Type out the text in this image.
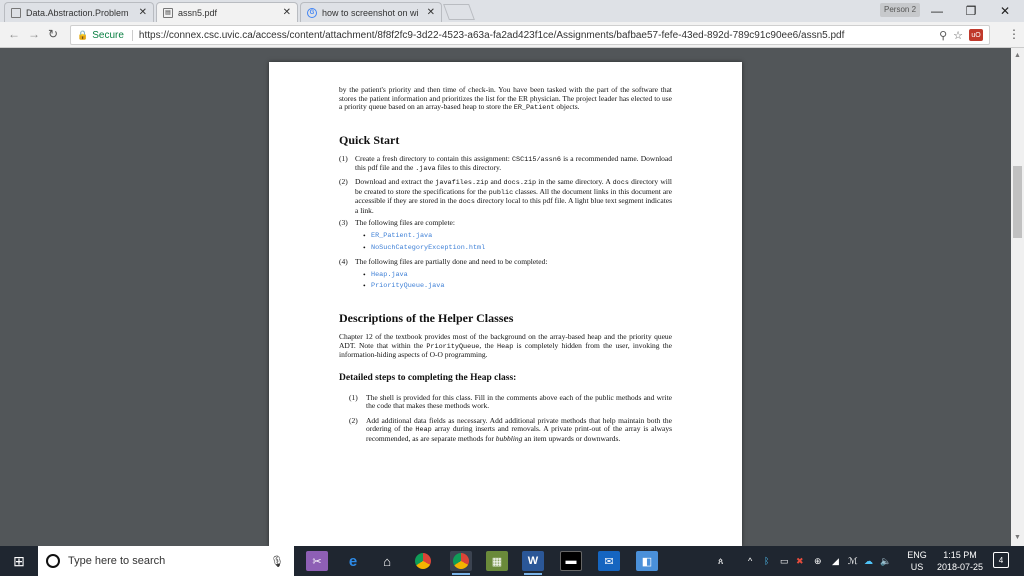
Data.Abstraction.Problem	✕	▤ assn5.pdf	✕	G how to screenshot on wi ✕	Person 2	—	❐	✕
← → ↻ 🔒 Secure	https://connex.csc.uvic.ca/access/content/attachment/8f8f2fc9-3d22-4523-a63a-fa2ad423f1ce/Assignments/bafbae57-fefe-43ed-892d-789c91c90ee6/assn5.pdf	⚲ ☆	uO ⋮

by the patient's priority and then time of check-in. You have been tasked with the part of the software that stores the patient information and prioritizes the list for the ER physician. The project leader has elected to use a priority queue based on an array-based heap to store the ER_Patient objects.

Quick Start
(1) Create a fresh directory to contain this assignment: CSC115/assn6 is a recommended name. Download this pdf file and the .java files to this directory.
(2) Download and extract the javafiles.zip and docs.zip in the same directory. A docs directory will be created to store the specifications for the public classes. All the document links in this document are accessible if they are stored in the docs directory local to this pdf file. A light blue text segment indicates a link.
(3) The following files are complete:
• ER_Patient.java
• NoSuchCategoryException.html
(4) The following files are partially done and need to be completed:
• Heap.java
• PriorityQueue.java
Descriptions of the Helper Classes

Chapter 12 of the textbook provides most of the background on the array-based heap and the priority queue ADT. Note that within the PriorityQueue, the Heap is completely hidden from the user, invoking the information-hiding aspects of O-O programming.

Detailed steps to completing the Heap class:
(1)	The shell is provided for this class. Fill in the comments above each of the public methods and write the code that makes these methods work.
(2)	Add additional data fields as necessary. Add additional private methods that help maintain both the ordering of the Heap array during inserts and removals. A private print-out of the array is always recommended, as are separate methods for bubbling an item upwards or downwards.
▲
▼
⊞	Type here to search	🎙	✂	e	⌂	▦	W	▬	✉	◧	ጰ	^ ᛒ ▭ ✖ ⊕ ◢ ℳ ☁ 🔈
ENG
US
1:15 PM
2018-07-25
4
